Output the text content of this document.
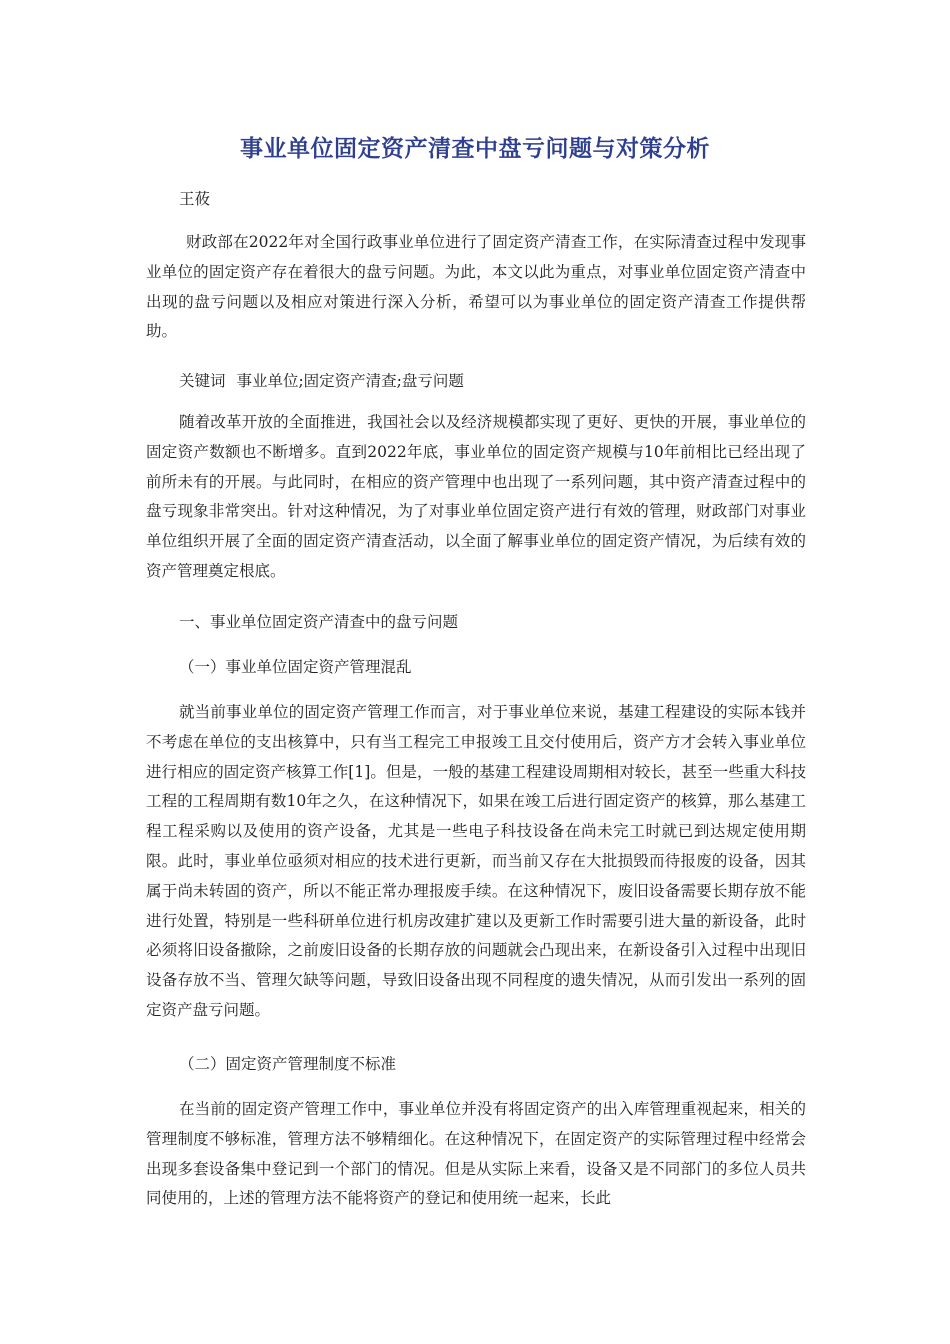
事业单位固定资产清查中盘亏问题与对策分析
王莜

财政部在2022年对全国行政事业单位进行了固定资产清查工作，在实际清查过程中发现事业单位的固定资产存在着很大的盘亏问题。为此，本文以此为重点，对事业单位固定资产清查中出现的盘亏问题以及相应对策进行深入分析，希望可以为事业单位的固定资产清查工作提供帮助。

关键词 事业单位;固定资产清查;盘亏问题

随着改革开放的全面推进，我国社会以及经济规模都实现了更好、更快的开展，事业单位的固定资产数额也不断增多。直到2022年底，事业单位的固定资产规模与10年前相比已经出现了前所未有的开展。与此同时，在相应的资产管理中也出现了一系列问题，其中资产清查过程中的盘亏现象非常突出。针对这种情况，为了对事业单位固定资产进行有效的管理，财政部门对事业单位组织开展了全面的固定资产清查活动，以全面了解事业单位的固定资产情况，为后续有效的资产管理奠定根底。

一、事业单位固定资产清查中的盘亏问题
（一）事业单位固定资产管理混乱

就当前事业单位的固定资产管理工作而言，对于事业单位来说，基建工程建设的实际本钱并不考虑在单位的支出核算中，只有当工程完工申报竣工且交付使用后，资产方才会转入事业单位进行相应的固定资产核算工作[1]。但是，一般的基建工程建设周期相对较长，甚至一些重大科技工程的工程周期有数10年之久，在这种情况下，如果在竣工后进行固定资产的核算，那么基建工程工程采购以及使用的资产设备，尤其是一些电子科技设备在尚未完工时就已到达规定使用期限。此时，事业单位亟须对相应的技术进行更新，而当前又存在大批损毁而待报废的设备，因其属于尚未转固的资产，所以不能正常办理报废手续。在这种情况下，废旧设备需要长期存放不能进行处置，特别是一些科研单位进行机房改建扩建以及更新工作时需要引进大量的新设备，此时必须将旧设备撤除，之前废旧设备的长期存放的问题就会凸现出来，在新设备引入过程中出现旧设备存放不当、管理欠缺等问题，导致旧设备出现不同程度的遗失情况，从而引发出一系列的固定资产盘亏问题。

（二）固定资产管理制度不标准

在当前的固定资产管理工作中，事业单位并没有将固定资产的出入库管理重视起来，相关的管理制度不够标准，管理方法不够精细化。在这种情况下，在固定资产的实际管理过程中经常会出现多套设备集中登记到一个部门的情况。但是从实际上来看，设备又是不同部门的多位人员共同使用的，上述的管理方法不能将资产的登记和使用统一起来，长此
